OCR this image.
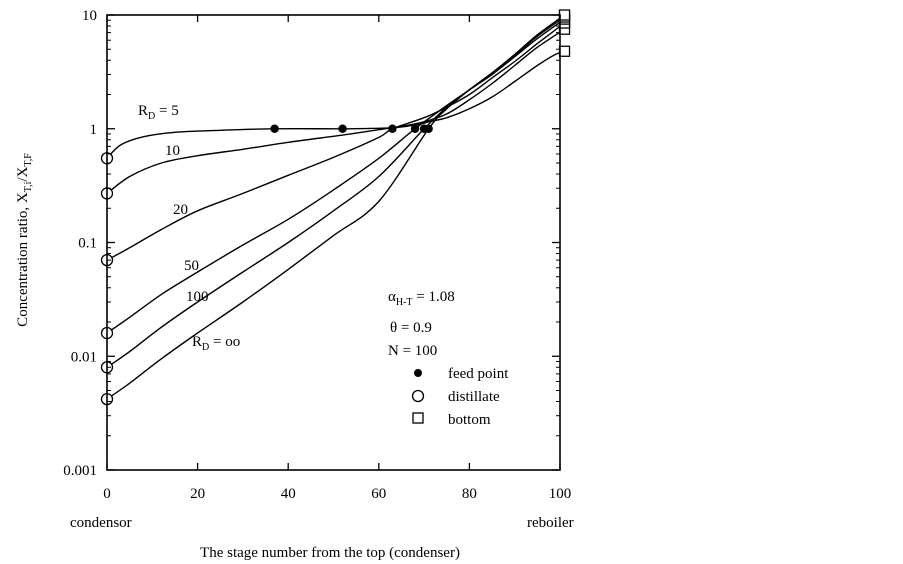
0	20	40	60	80	100
0.001
0.01
0.1
1
10
condensor	reboiler
The stage number from the top (condenser)
Concentration ratio, $X_{T,i}/X_{T,F}$
$R_D = 5$
10
20
50
100
$R_D$ = oo
$\alpha_{H-T} = 1.08$
θ = 0.9
N = 100
feed point
distillate
bottom
